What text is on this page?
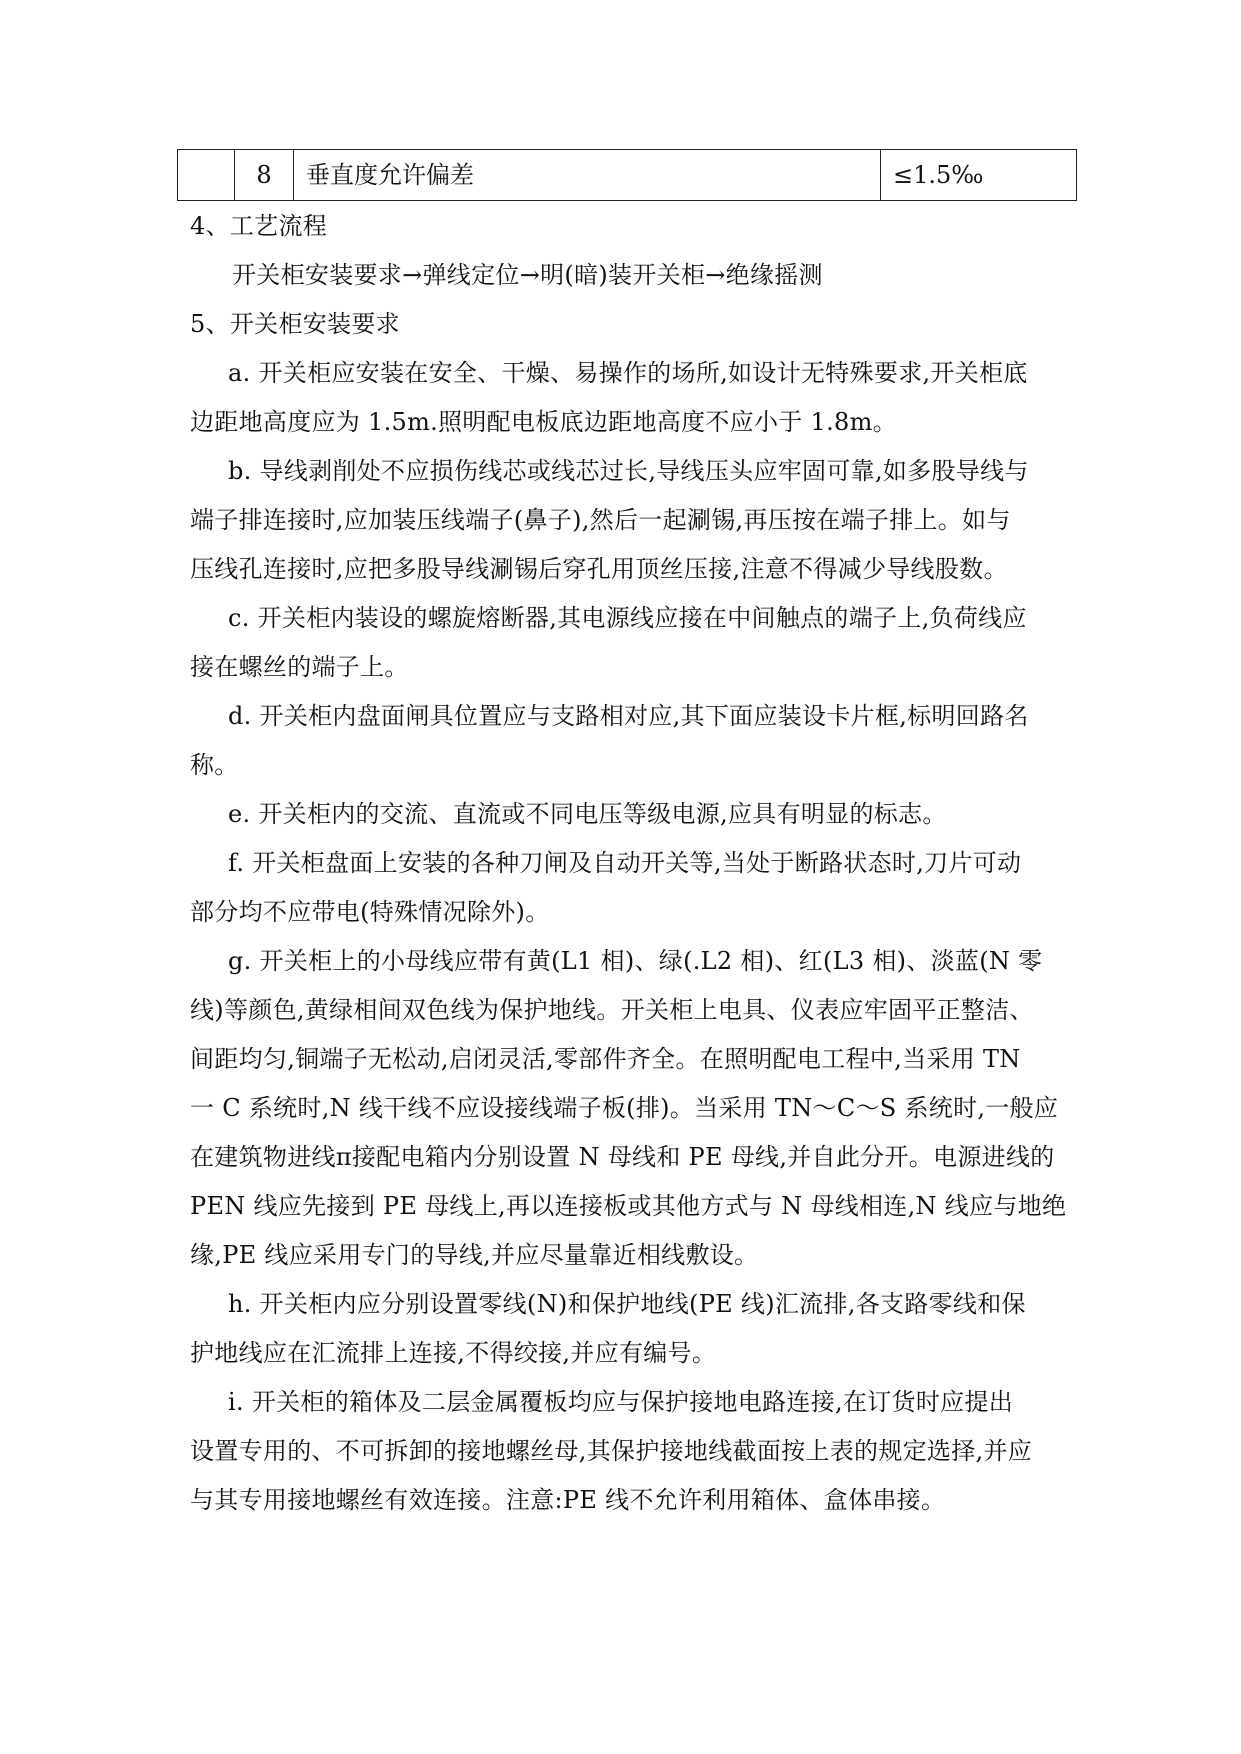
	8	垂直度允许偏差	≤1.5‰
4、工艺流程
开关柜安装要求→弹线定位→明(暗)装开关柜→绝缘摇测
5、开关柜安装要求
a. 开关柜应安装在安全、干燥、易操作的场所,如设计无特殊要求,开关柜底
边距地高度应为 1.5m.照明配电板底边距地高度不应小于 1.8m。
b. 导线剥削处不应损伤线芯或线芯过长,导线压头应牢固可靠,如多股导线与
端子排连接时,应加装压线端子(鼻子),然后一起涮锡,再压按在端子排上。如与
压线孔连接时,应把多股导线涮锡后穿孔用顶丝压接,注意不得减少导线股数。
c. 开关柜内装设的螺旋熔断器,其电源线应接在中间触点的端子上,负荷线应
接在螺丝的端子上。
d. 开关柜内盘面闸具位置应与支路相对应,其下面应装设卡片框,标明回路名
称。
e. 开关柜内的交流、直流或不同电压等级电源,应具有明显的标志。
f. 开关柜盘面上安装的各种刀闸及自动开关等,当处于断路状态时,刀片可动
部分均不应带电(特殊情况除外)。
g. 开关柜上的小母线应带有黄(L1 相)、绿(.L2 相)、红(L3 相)、淡蓝(N 零
线)等颜色,黄绿相间双色线为保护地线。开关柜上电具、仪表应牢固平正整洁、
间距均匀,铜端子无松动,启闭灵活,零部件齐全。在照明配电工程中,当采用 TN
一 C 系统时,N 线干线不应设接线端子板(排)。当采用 TN～C～S 系统时,一般应
在建筑物进线π接配电箱内分别设置 N 母线和 PE 母线,并自此分开。电源进线的
PEN 线应先接到 PE 母线上,再以连接板或其他方式与 N 母线相连,N 线应与地绝
缘,PE 线应采用专门的导线,并应尽量靠近相线敷设。
h. 开关柜内应分别设置零线(N)和保护地线(PE 线)汇流排,各支路零线和保
护地线应在汇流排上连接,不得绞接,并应有编号。
i. 开关柜的箱体及二层金属覆板均应与保护接地电路连接,在订货时应提出
设置专用的、不可拆卸的接地螺丝母,其保护接地线截面按上表的规定选择,并应
与其专用接地螺丝有效连接。注意:PE 线不允许利用箱体、盒体串接。
